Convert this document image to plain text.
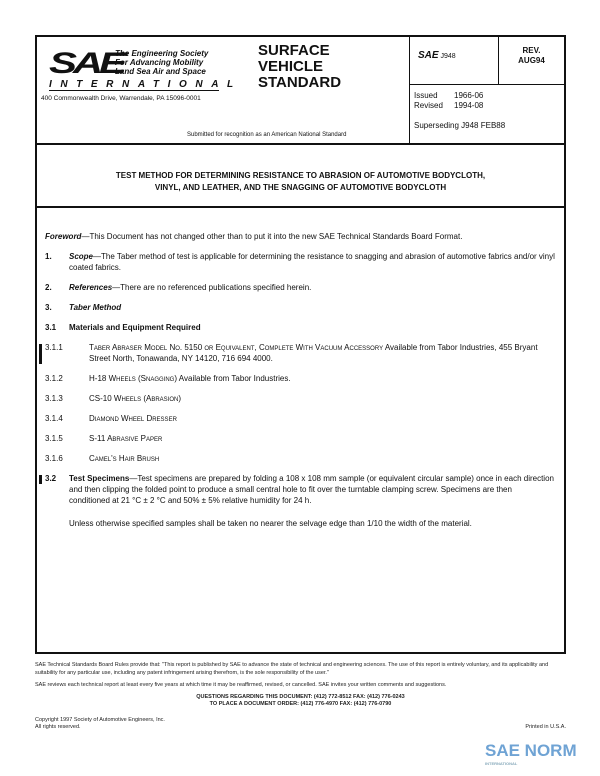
SAE
The Engineering Society
For Advancing Mobility
Land Sea Air and Space
INTERNATIONAL
400 Commonwealth Drive, Warrendale, PA 15096-0001
SURFACE
VEHICLE
STANDARD
Submitted for recognition as an American National Standard
SAE J948
REV.
AUG94
Issued	1966-06
Revised	1994-08
Superseding J948 FEB88
TEST METHOD FOR DETERMINING RESISTANCE TO ABRASION OF AUTOMOTIVE BODYCLOTH,
VINYL, AND LEATHER, AND THE SNAGGING OF AUTOMOTIVE BODYCLOTH
Foreword—This Document has not changed other than to put it into the new SAE Technical Standards Board Format.
1. Scope—The Taber method of test is applicable for determining the resistance to snagging and abrasion of automotive fabrics and/or vinyl coated fabrics.
2. References—There are no referenced publications specified herein.
3. Taber Method
3.1 Materials and Equipment Required
3.1.1	Taber Abraser Model No. 5150 or Equivalent, Complete With Vacuum Accessory Available from Tabor Industries, 455 Bryant Street North, Tonawanda, NY 14120, 716 694 4000.
3.1.2	H-18 Wheels (Snagging) Available from Tabor Industries.
3.1.3	CS-10 Wheels (Abrasion)
3.1.4	Diamond Wheel Dresser
3.1.5	S-11 Abrasive Paper
3.1.6	Camel's Hair Brush
3.2 Test Specimens—Test specimens are prepared by folding a 108 x 108 mm sample (or equivalent circular sample) once in each direction and then clipping the folded point to produce a small central hole to fit over the turntable clamping screw. Specimens are then conditioned at 21 °C ± 2 °C and 50% ± 5% relative humidity for 24 h.
Unless otherwise specified samples shall be taken no nearer the selvage edge than 1/10 the width of the material.
SAE Technical Standards Board Rules provide that: "This report is published by SAE to advance the state of technical and engineering sciences. The use of this report is entirely voluntary, and its applicability and suitability for any particular use, including any patent infringement arising therefrom, is the sole responsibility of the user."
SAE reviews each technical report at least every five years at which time it may be reaffirmed, revised, or cancelled. SAE invites your written comments and suggestions.
QUESTIONS REGARDING THIS DOCUMENT: (412) 772-8512 FAX: (412) 776-0243
TO PLACE A DOCUMENT ORDER: (412) 776-4970 FAX: (412) 776-0790
Copyright 1997 Society of Automotive Engineers, Inc.
All rights reserved.	Printed in U.S.A.
SAE NORM
INTERNATIONAL
